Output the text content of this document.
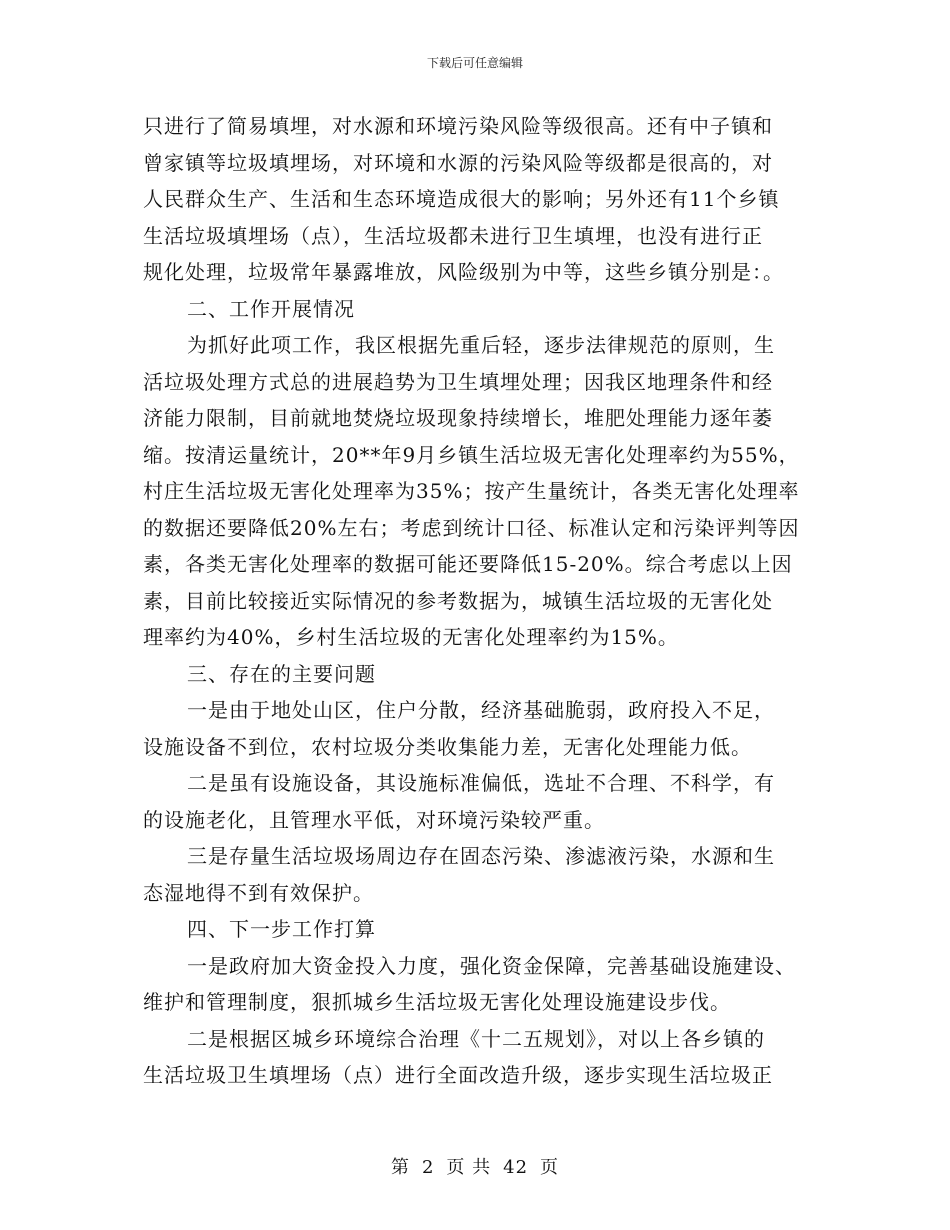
下载后可任意编辑
只进行了简易填埋，对水源和环境污染风险等级很高。还有中子镇和
曾家镇等垃圾填埋场，对环境和水源的污染风险等级都是很高的，对
人民群众生产、生活和生态环境造成很大的影响；另外还有11个乡镇
生活垃圾填埋场（点），生活垃圾都未进行卫生填埋，也没有进行正
规化处理，垃圾常年暴露堆放，风险级别为中等，这些乡镇分别是：。
二、工作开展情况
为抓好此项工作，我区根据先重后轻，逐步法律规范的原则，生
活垃圾处理方式总的进展趋势为卫生填埋处理；因我区地理条件和经
济能力限制，目前就地焚烧垃圾现象持续增长，堆肥处理能力逐年萎
缩。按清运量统计，20**年9月乡镇生活垃圾无害化处理率约为55%，
村庄生活垃圾无害化处理率为35%；按产生量统计，各类无害化处理率
的数据还要降低20%左右；考虑到统计口径、标准认定和污染评判等因
素，各类无害化处理率的数据可能还要降低15-20%。综合考虑以上因
素，目前比较接近实际情况的参考数据为，城镇生活垃圾的无害化处
理率约为40%，乡村生活垃圾的无害化处理率约为15%。
三、存在的主要问题
一是由于地处山区，住户分散，经济基础脆弱，政府投入不足，
设施设备不到位，农村垃圾分类收集能力差，无害化处理能力低。
二是虽有设施设备，其设施标准偏低，选址不合理、不科学，有
的设施老化，且管理水平低，对环境污染较严重。
三是存量生活垃圾场周边存在固态污染、渗滤液污染，水源和生
态湿地得不到有效保护。
四、下一步工作打算
一是政府加大资金投入力度，强化资金保障，完善基础设施建设、
维护和管理制度，狠抓城乡生活垃圾无害化处理设施建设步伐。
二是根据区城乡环境综合治理《十二五规划》，对以上各乡镇的
生活垃圾卫生填埋场（点）进行全面改造升级，逐步实现生活垃圾正
第 2 页 共 42 页
